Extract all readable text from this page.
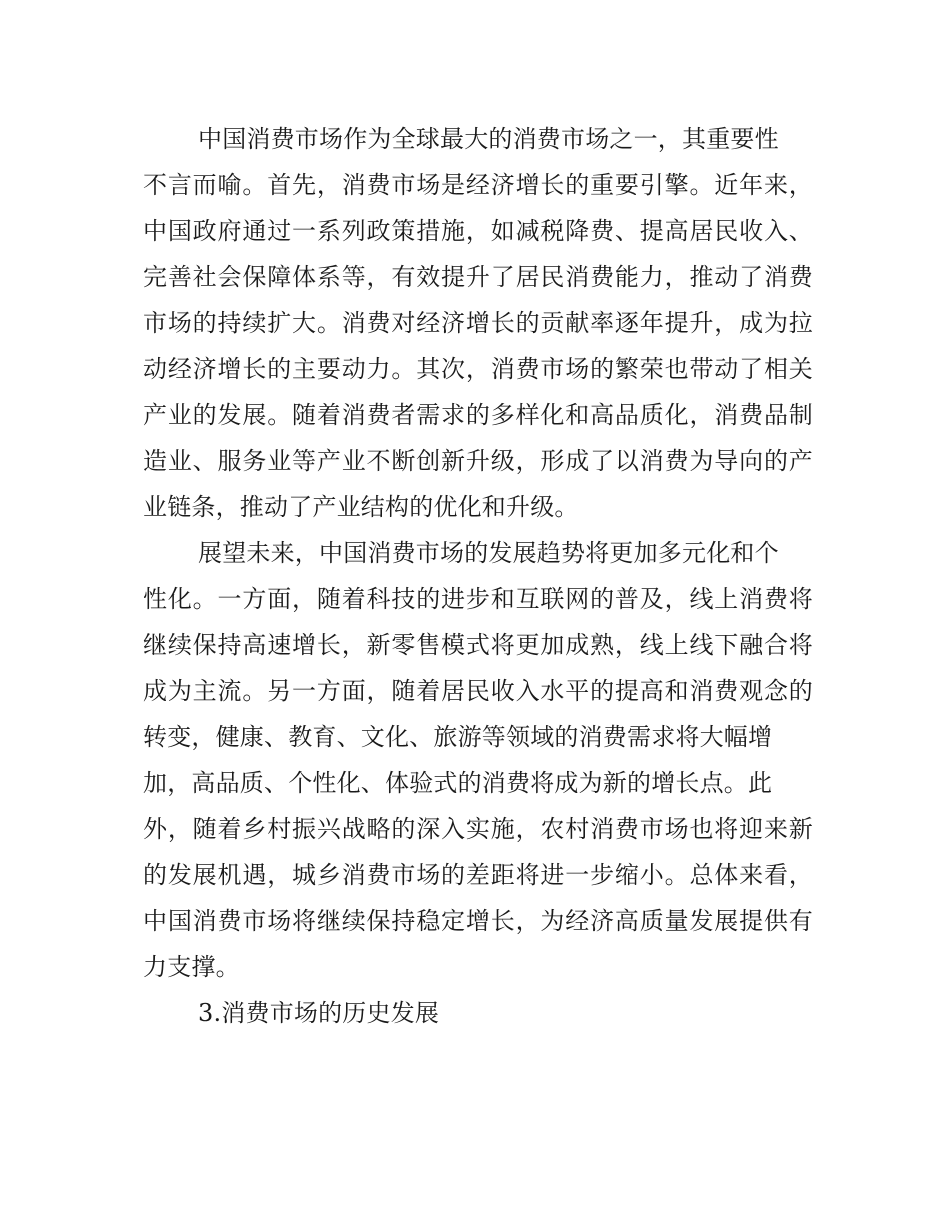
中国消费市场作为全球最大的消费市场之一，其重要性
不言而喻。首先，消费市场是经济增长的重要引擎。近年来，
中国政府通过一系列政策措施，如减税降费、提高居民收入、
完善社会保障体系等，有效提升了居民消费能力，推动了消费
市场的持续扩大。消费对经济增长的贡献率逐年提升，成为拉
动经济增长的主要动力。其次，消费市场的繁荣也带动了相关
产业的发展。随着消费者需求的多样化和高品质化，消费品制
造业、服务业等产业不断创新升级，形成了以消费为导向的产
业链条，推动了产业结构的优化和升级。
展望未来，中国消费市场的发展趋势将更加多元化和个
性化。一方面，随着科技的进步和互联网的普及，线上消费将
继续保持高速增长，新零售模式将更加成熟，线上线下融合将
成为主流。另一方面，随着居民收入水平的提高和消费观念的
转变，健康、教育、文化、旅游等领域的消费需求将大幅增
加，高品质、个性化、体验式的消费将成为新的增长点。此
外，随着乡村振兴战略的深入实施，农村消费市场也将迎来新
的发展机遇，城乡消费市场的差距将进一步缩小。总体来看，
中国消费市场将继续保持稳定增长，为经济高质量发展提供有
力支撑。
3.消费市场的历史发展
